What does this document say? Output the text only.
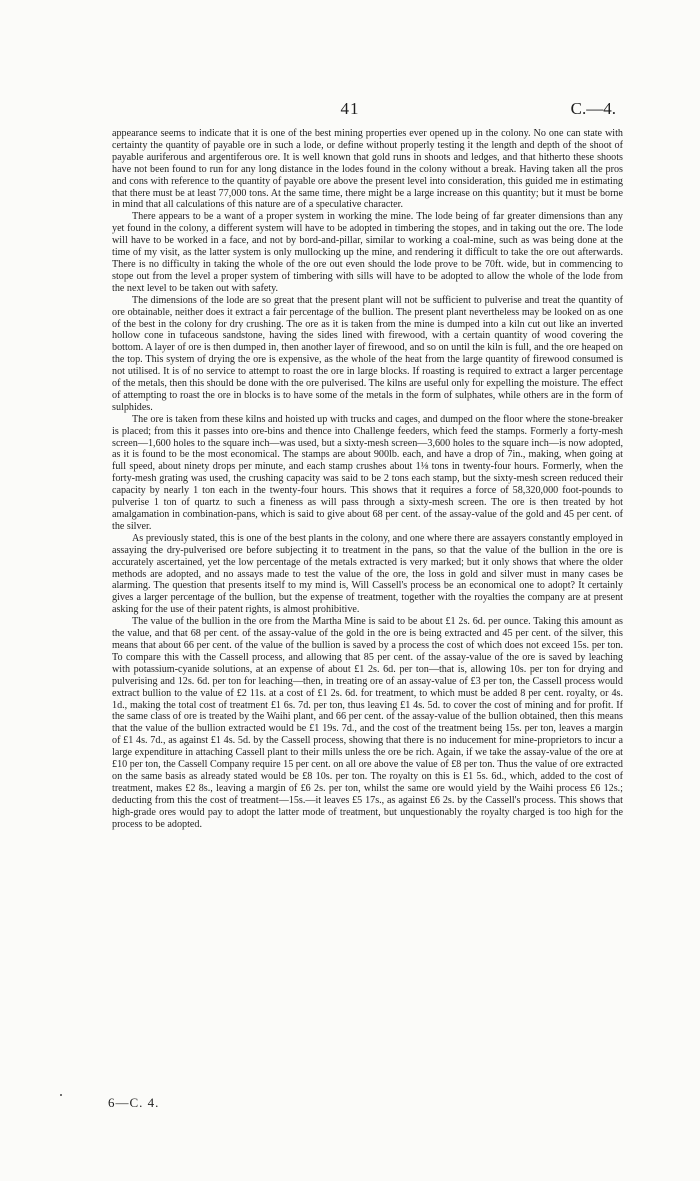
41	C.—4.

appearance seems to indicate that it is one of the best mining properties ever opened up in the colony. No one can state with certainty the quantity of payable ore in such a lode, or define without properly testing it the length and depth of the shoot of payable auriferous and argentiferous ore. It is well known that gold runs in shoots and ledges, and that hitherto these shoots have not been found to run for any long distance in the lodes found in the colony without a break. Having taken all the pros and cons with reference to the quantity of payable ore above the present level into consideration, this guided me in estimating that there must be at least 77,000 tons. At the same time, there might be a large increase on this quantity; but it must be borne in mind that all calculations of this nature are of a speculative character.

There appears to be a want of a proper system in working the mine. The lode being of far greater dimensions than any yet found in the colony, a different system will have to be adopted in timbering the stopes, and in taking out the ore. The lode will have to be worked in a face, and not by bord-and-pillar, similar to working a coal-mine, such as was being done at the time of my visit, as the latter system is only mullocking up the mine, and rendering it difficult to take the ore out afterwards. There is no difficulty in taking the whole of the ore out even should the lode prove to be 70ft. wide, but in commencing to stope out from the level a proper system of timbering with sills will have to be adopted to allow the whole of the lode from the next level to be taken out with safety.

The dimensions of the lode are so great that the present plant will not be sufficient to pulverise and treat the quantity of ore obtainable, neither does it extract a fair percentage of the bullion. The present plant nevertheless may be looked on as one of the best in the colony for dry crushing. The ore as it is taken from the mine is dumped into a kiln cut out like an inverted hollow cone in tufaceous sandstone, having the sides lined with firewood, with a certain quantity of wood covering the bottom. A layer of ore is then dumped in, then another layer of firewood, and so on until the kiln is full, and the ore heaped on the top. This system of drying the ore is expensive, as the whole of the heat from the large quantity of firewood consumed is not utilised. It is of no service to attempt to roast the ore in large blocks. If roasting is required to extract a larger percentage of the metals, then this should be done with the ore pulverised. The kilns are useful only for expelling the moisture. The effect of attempting to roast the ore in blocks is to have some of the metals in the form of sulphates, while others are in the form of sulphides.

The ore is taken from these kilns and hoisted up with trucks and cages, and dumped on the floor where the stone-breaker is placed; from this it passes into ore-bins and thence into Challenge feeders, which feed the stamps. Formerly a forty-mesh screen—1,600 holes to the square inch—was used, but a sixty-mesh screen—3,600 holes to the square inch—is now adopted, as it is found to be the most economical. The stamps are about 900lb. each, and have a drop of 7in., making, when going at full speed, about ninety drops per minute, and each stamp crushes about 1⅛ tons in twenty-four hours. Formerly, when the forty-mesh grating was used, the crushing capacity was said to be 2 tons each stamp, but the sixty-mesh screen reduced their capacity by nearly 1 ton each in the twenty-four hours. This shows that it requires a force of 58,320,000 foot-pounds to pulverise 1 ton of quartz to such a fineness as will pass through a sixty-mesh screen. The ore is then treated by hot amalgamation in combination-pans, which is said to give about 68 per cent. of the assay-value of the gold and 45 per cent. of the silver.

As previously stated, this is one of the best plants in the colony, and one where there are assayers constantly employed in assaying the dry-pulverised ore before subjecting it to treatment in the pans, so that the value of the bullion in the ore is accurately ascertained, yet the low percentage of the metals extracted is very marked; but it only shows that where the older methods are adopted, and no assays made to test the value of the ore, the loss in gold and silver must in many cases be alarming. The question that presents itself to my mind is, Will Cassell's process be an economical one to adopt? It certainly gives a larger percentage of the bullion, but the expense of treatment, together with the royalties the company are at present asking for the use of their patent rights, is almost prohibitive.

The value of the bullion in the ore from the Martha Mine is said to be about £1 2s. 6d. per ounce. Taking this amount as the value, and that 68 per cent. of the assay-value of the gold in the ore is being extracted and 45 per cent. of the silver, this means that about 66 per cent. of the value of the bullion is saved by a process the cost of which does not exceed 15s. per ton. To compare this with the Cassell process, and allowing that 85 per cent. of the assay-value of the ore is saved by leaching with potassium-cyanide solutions, at an expense of about £1 2s. 6d. per ton—that is, allowing 10s. per ton for drying and pulverising and 12s. 6d. per ton for leaching—then, in treating ore of an assay-value of £3 per ton, the Cassell process would extract bullion to the value of £2 11s. at a cost of £1 2s. 6d. for treatment, to which must be added 8 per cent. royalty, or 4s. 1d., making the total cost of treatment £1 6s. 7d. per ton, thus leaving £1 4s. 5d. to cover the cost of mining and for profit. If the same class of ore is treated by the Waihi plant, and 66 per cent. of the assay-value of the bullion obtained, then this means that the value of the bullion extracted would be £1 19s. 7d., and the cost of the treatment being 15s. per ton, leaves a margin of £1 4s. 7d., as against £1 4s. 5d. by the Cassell process, showing that there is no inducement for mine-proprietors to incur a large expenditure in attaching Cassell plant to their mills unless the ore be rich. Again, if we take the assay-value of the ore at £10 per ton, the Cassell Company require 15 per cent. on all ore above the value of £8 per ton. Thus the value of ore extracted on the same basis as already stated would be £8 10s. per ton. The royalty on this is £1 5s. 6d., which, added to the cost of treatment, makes £2 8s., leaving a margin of £6 2s. per ton, whilst the same ore would yield by the Waihi process £6 12s.; deducting from this the cost of treatment—15s.—it leaves £5 17s., as against £6 2s. by the Cassell's process. This shows that high-grade ores would pay to adopt the latter mode of treatment, but unquestionably the royalty charged is too high for the process to be adopted.

6—C. 4.
